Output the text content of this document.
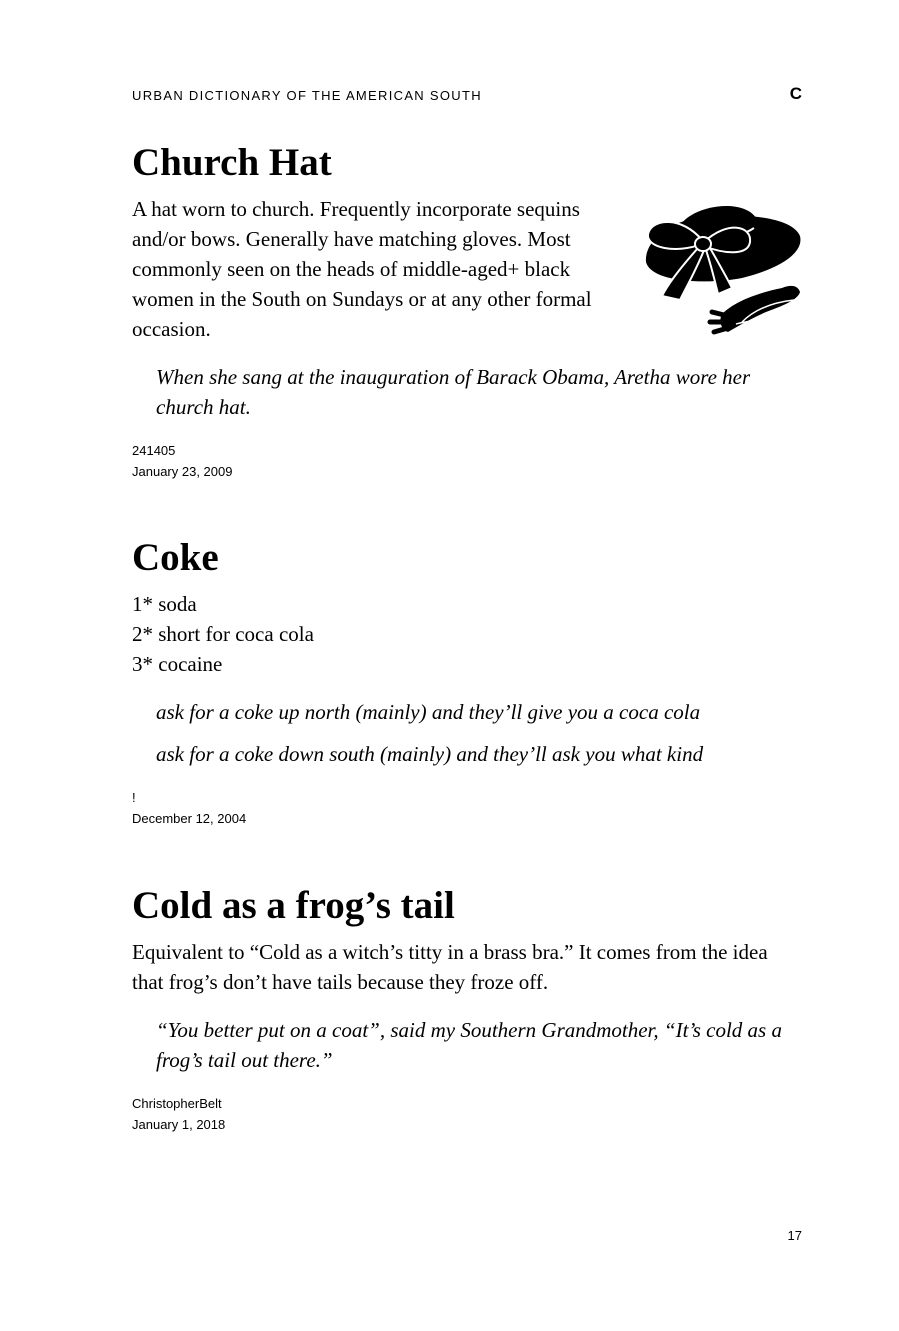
URBAN DICTIONARY OF THE AMERICAN SOUTH	C
Church Hat

A hat worn to church. Frequently incorporate sequins and/or bows. Generally have matching gloves. Most commonly seen on the heads of middle-aged+ black women in the South on Sundays or at any other formal occasion.

When she sang at the inauguration of Barack Obama, Aretha wore her church hat.

241405
January 23, 2009
Coke

1* soda
2* short for coca cola
3* cocaine

ask for a coke up north (mainly) and they’ll give you a coca cola

ask for a coke down south (mainly) and they’ll ask you what kind

!
December 12, 2004
Cold as a frog’s tail

Equivalent to “Cold as a witch’s titty in a brass bra.” It comes from the idea that frog’s don’t have tails because they froze off.

“You better put on a coat”, said my Southern Grandmother, “It’s cold as a frog’s tail out there.”

ChristopherBelt
January 1, 2018
17
